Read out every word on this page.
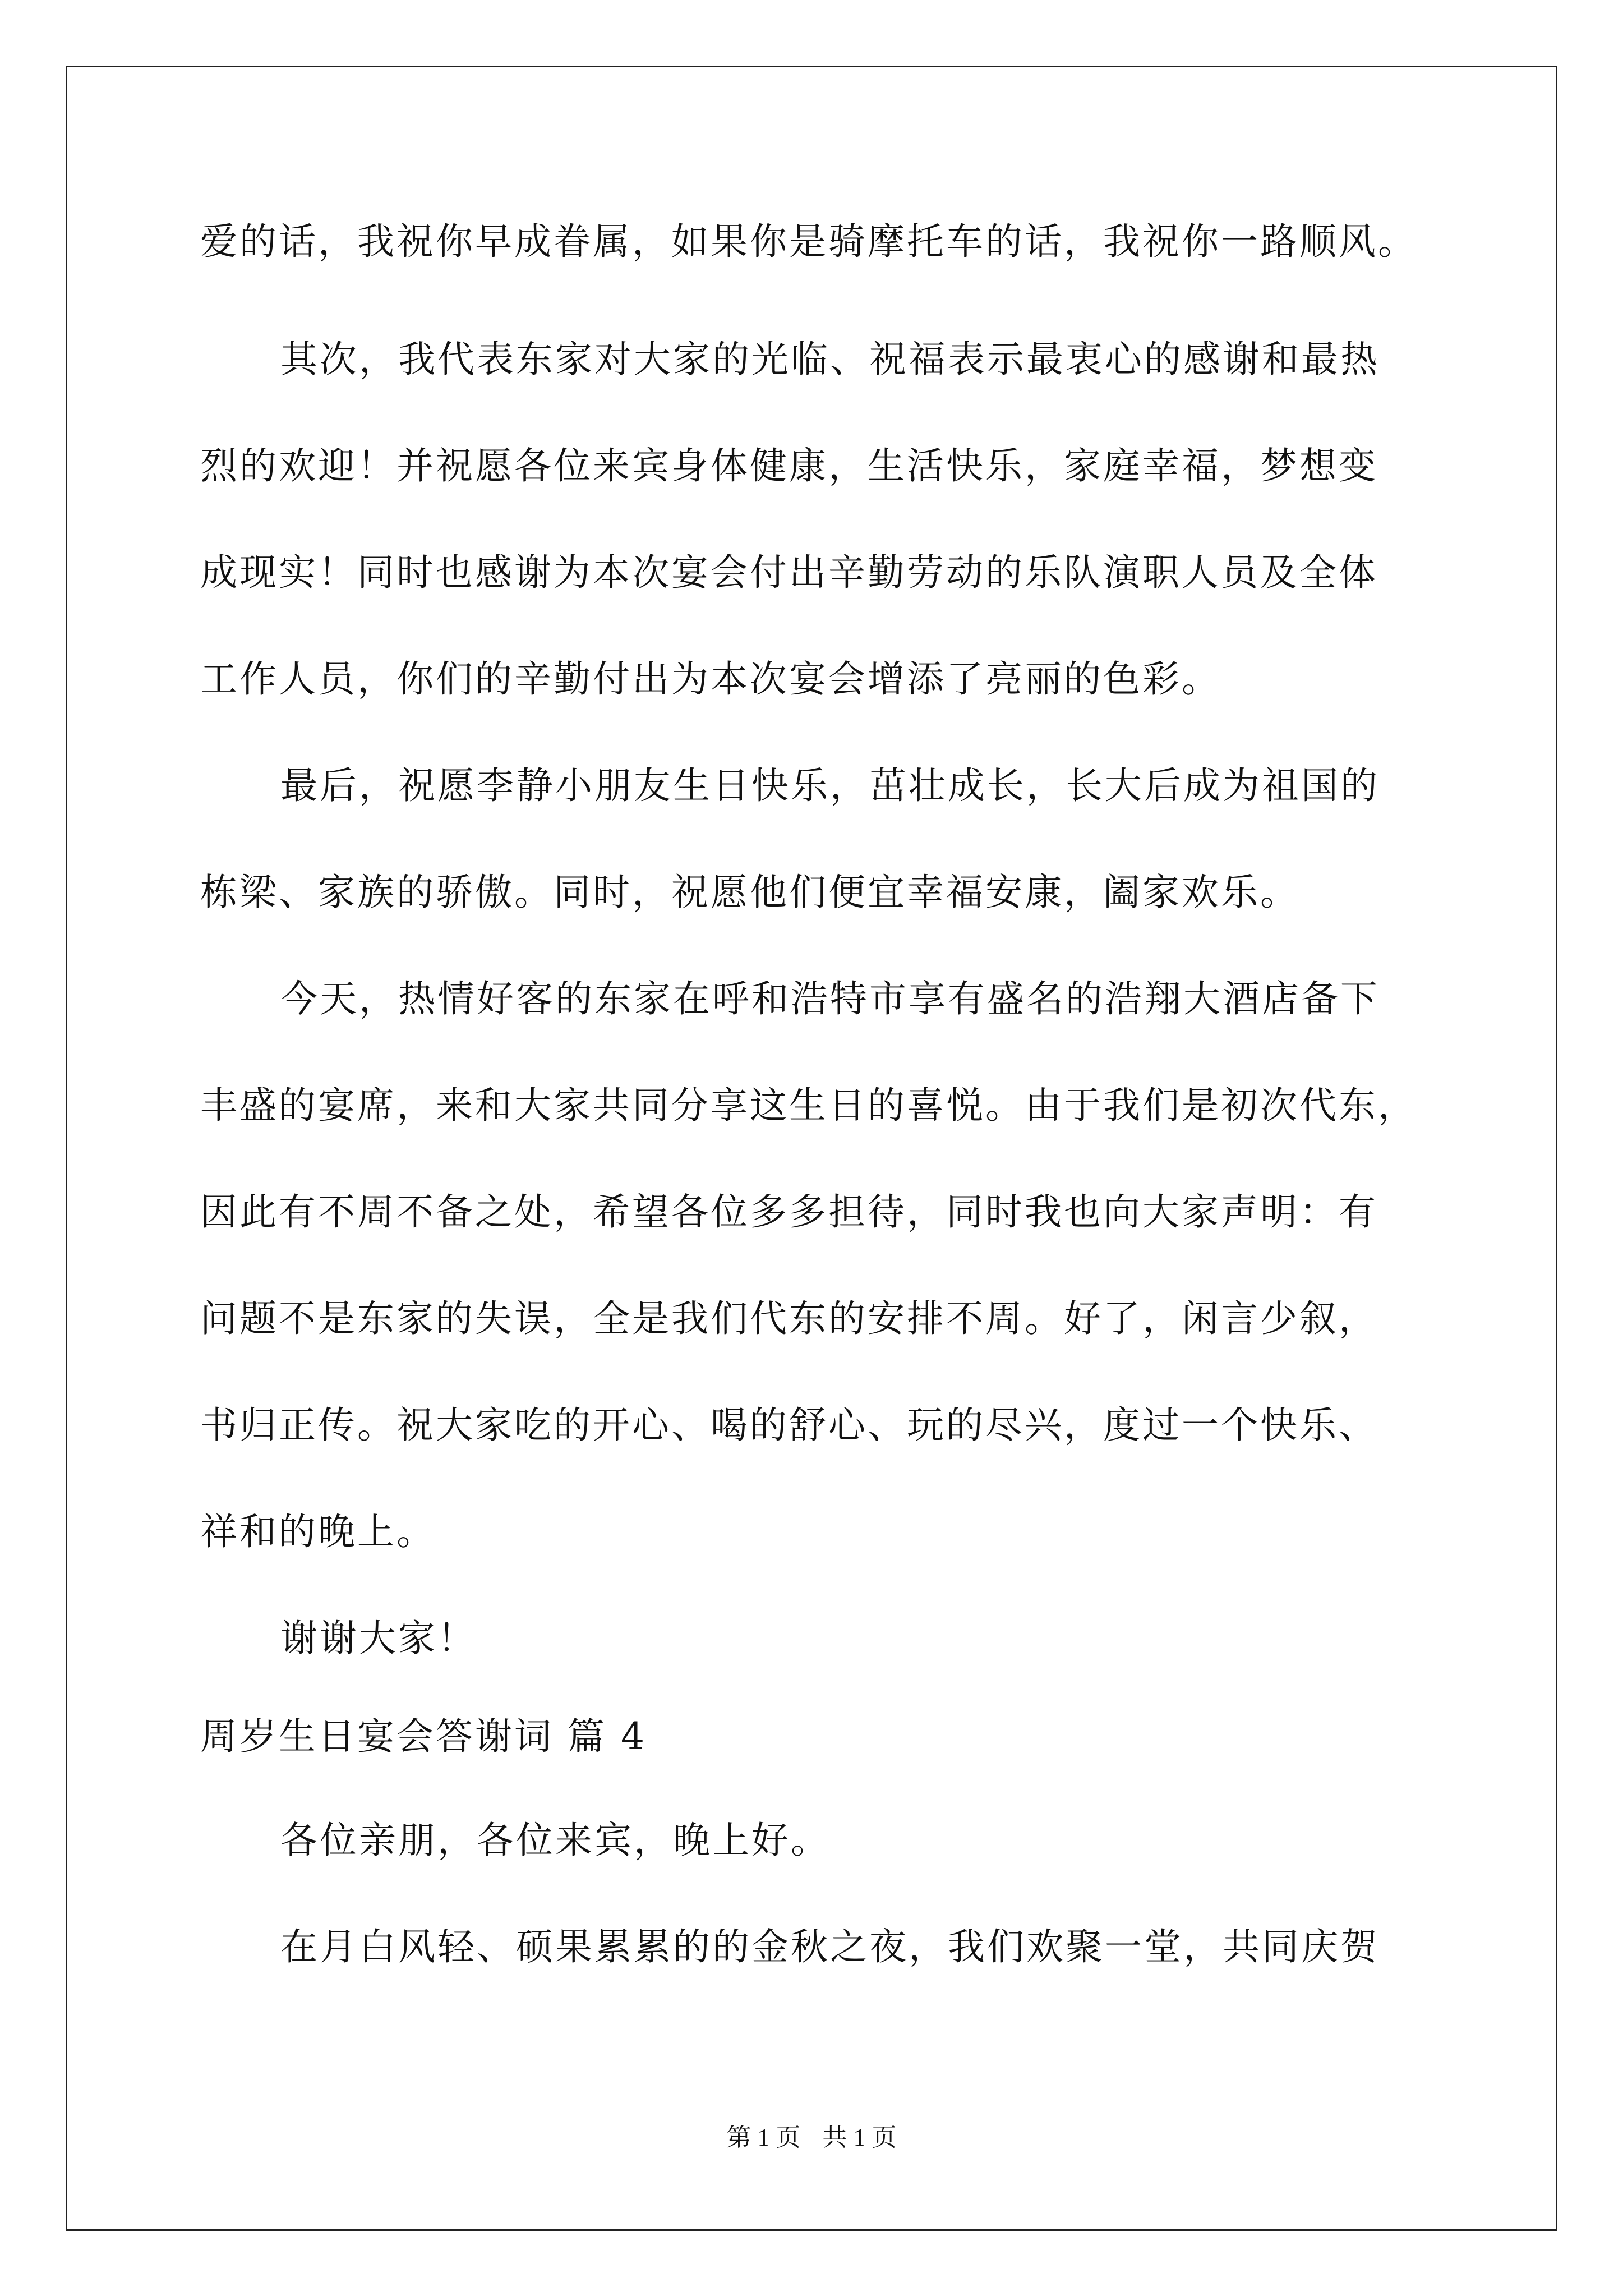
爱的话，我祝你早成眷属，如果你是骑摩托车的话，我祝你一路顺风。
其次，我代表东家对大家的光临、祝福表示最衷心的感谢和最热
烈的欢迎！并祝愿各位来宾身体健康，生活快乐，家庭幸福，梦想变
成现实！同时也感谢为本次宴会付出辛勤劳动的乐队演职人员及全体
工作人员，你们的辛勤付出为本次宴会增添了亮丽的色彩。
最后，祝愿李静小朋友生日快乐，茁壮成长，长大后成为祖国的
栋梁、家族的骄傲。同时，祝愿他们便宜幸福安康，阖家欢乐。
今天，热情好客的东家在呼和浩特市享有盛名的浩翔大酒店备下
丰盛的宴席，来和大家共同分享这生日的喜悦。由于我们是初次代东，
因此有不周不备之处，希望各位多多担待，同时我也向大家声明：有
问题不是东家的失误，全是我们代东的安排不周。好了，闲言少叙，
书归正传。祝大家吃的开心、喝的舒心、玩的尽兴，度过一个快乐、
祥和的晚上。
谢谢大家！
周岁生日宴会答谢词 篇 4
各位亲朋，各位来宾，晚上好。
在月白风轻、硕果累累的的金秋之夜，我们欢聚一堂，共同庆贺
第 1 页 共 1 页
